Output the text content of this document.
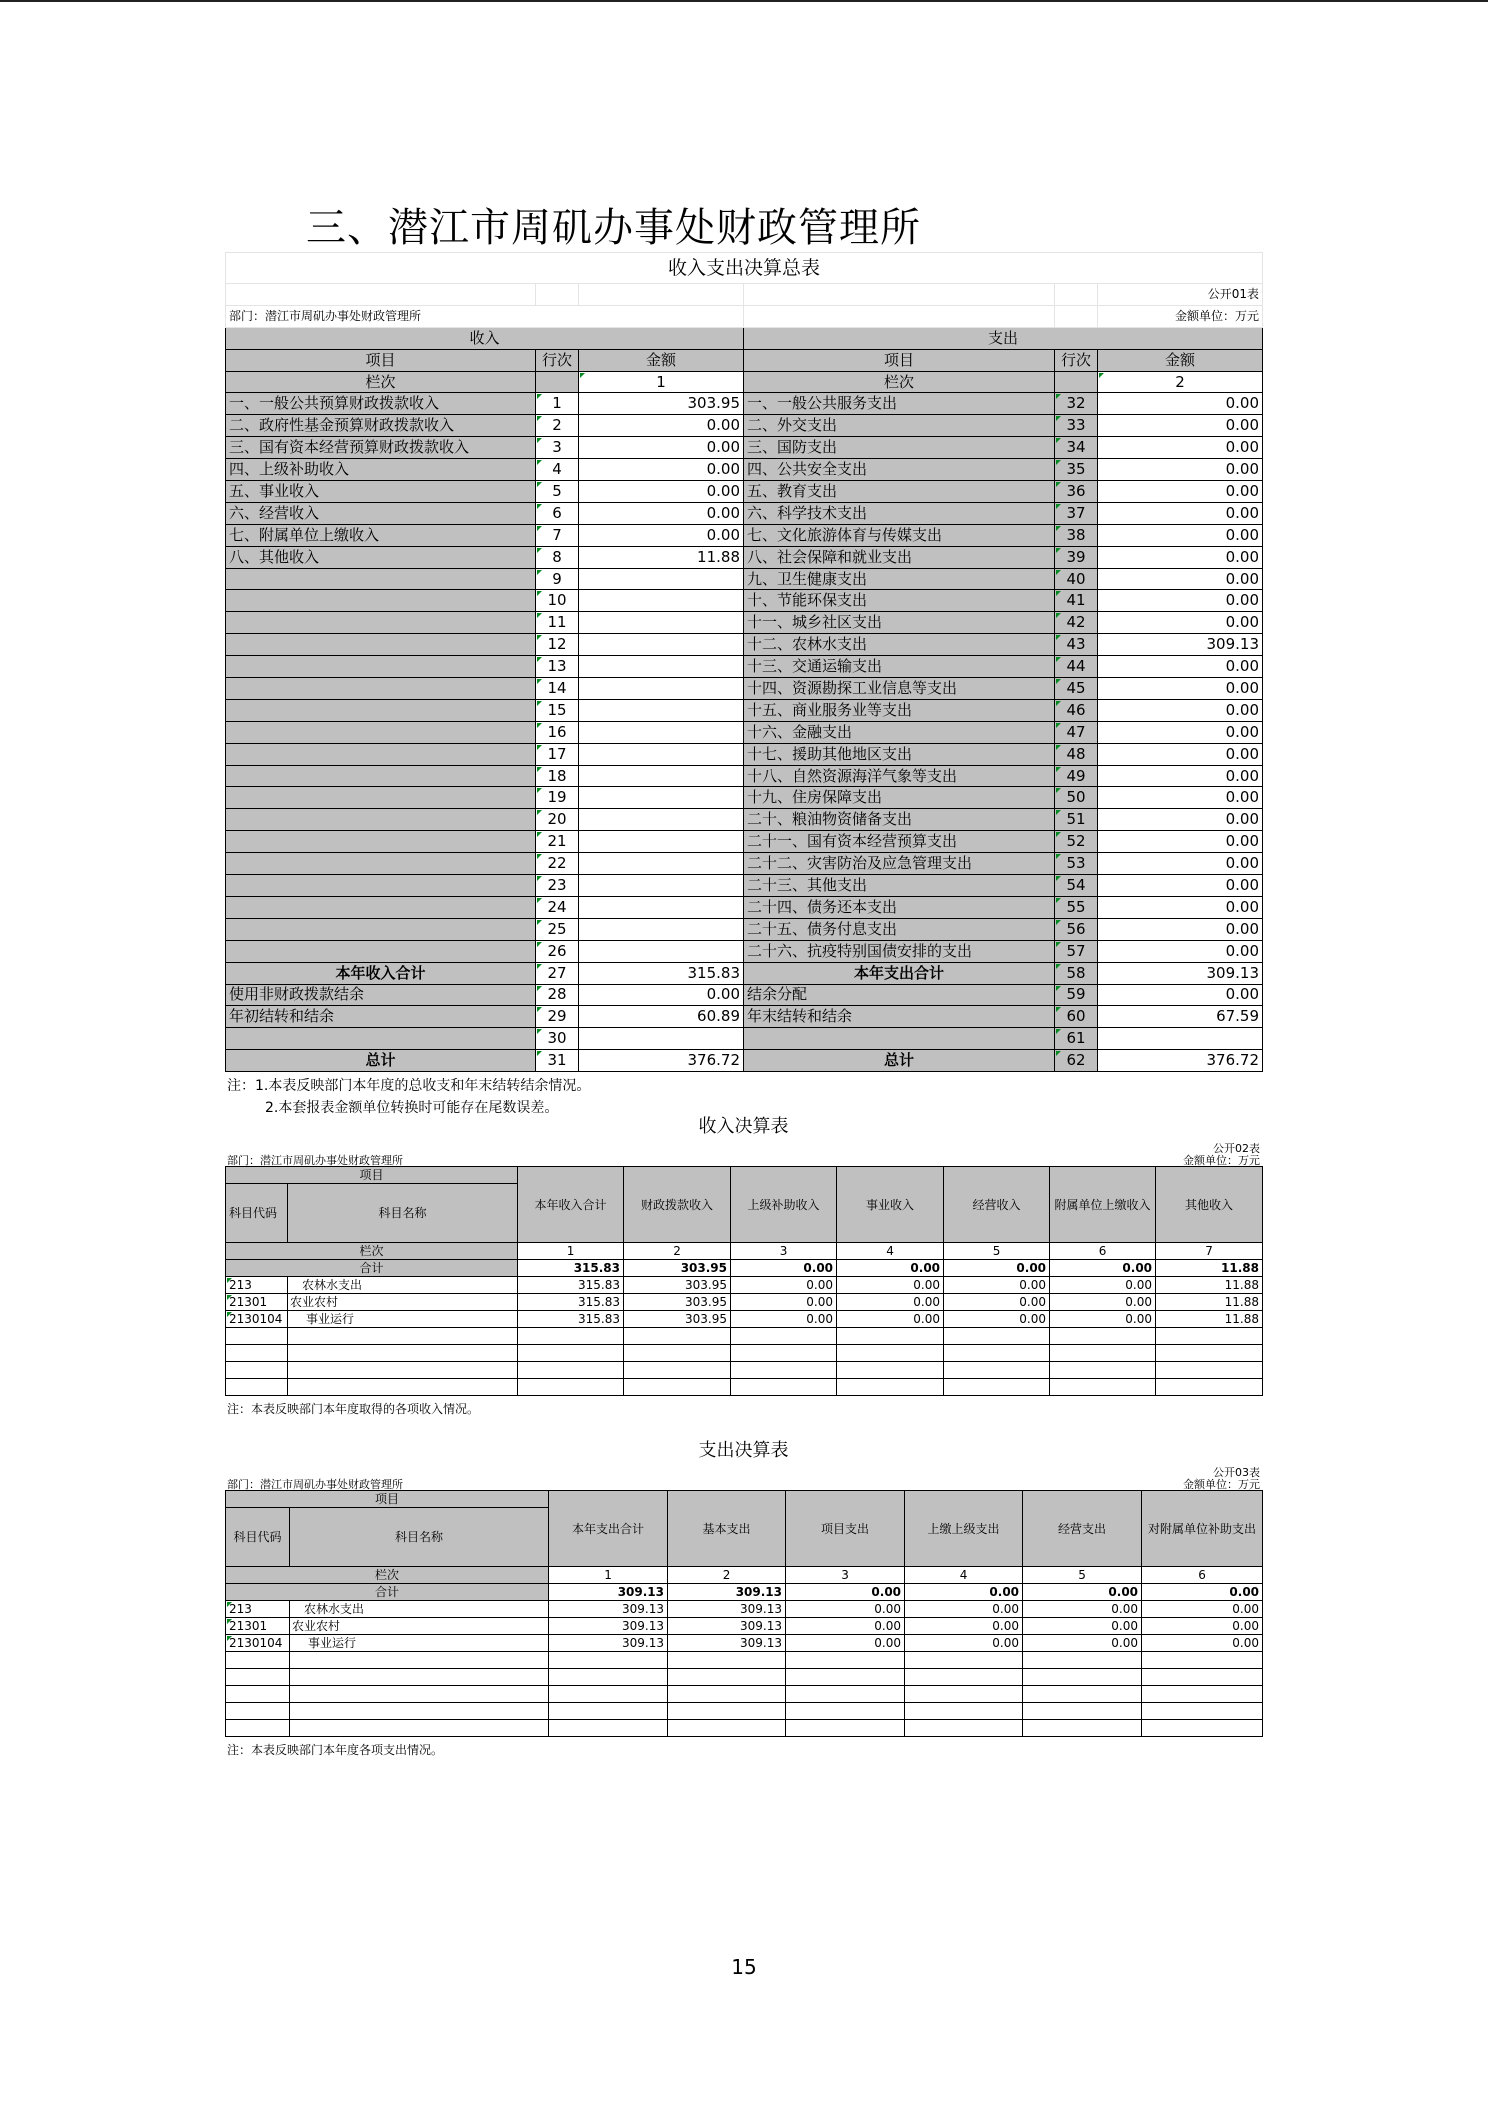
三、潜江市周矶办事处财政管理所
收入支出决算总表					
					公开01表
部门：潜江市周矶办事处财政管理所					金额单位：万元
收入			支出		
项目	行次	金额	项目	行次	金额
栏次		1	栏次		2
一、一般公共预算财政拨款收入	1	303.95	一、一般公共服务支出	32	0.00
二、政府性基金预算财政拨款收入	2	0.00	二、外交支出	33	0.00
三、国有资本经营预算财政拨款收入	3	0.00	三、国防支出	34	0.00
四、上级补助收入	4	0.00	四、公共安全支出	35	0.00
五、事业收入	5	0.00	五、教育支出	36	0.00
六、经营收入	6	0.00	六、科学技术支出	37	0.00
七、附属单位上缴收入	7	0.00	七、文化旅游体育与传媒支出	38	0.00
八、其他收入	8	11.88	八、社会保障和就业支出	39	0.00
	9		九、卫生健康支出	40	0.00
	10		十、节能环保支出	41	0.00
	11		十一、城乡社区支出	42	0.00
	12		十二、农林水支出	43	309.13
	13		十三、交通运输支出	44	0.00
	14		十四、资源勘探工业信息等支出	45	0.00
	15		十五、商业服务业等支出	46	0.00
	16		十六、金融支出	47	0.00
	17		十七、援助其他地区支出	48	0.00
	18		十八、自然资源海洋气象等支出	49	0.00
	19		十九、住房保障支出	50	0.00
	20		二十、粮油物资储备支出	51	0.00
	21		二十一、国有资本经营预算支出	52	0.00
	22		二十二、灾害防治及应急管理支出	53	0.00
	23		二十三、其他支出	54	0.00
	24		二十四、债务还本支出	55	0.00
	25		二十五、债务付息支出	56	0.00
	26		二十六、抗疫特别国债安排的支出	57	0.00
本年收入合计	27	315.83	本年支出合计	58	309.13
使用非财政拨款结余	28	0.00	结余分配	59	0.00
年初结转和结余	29	60.89	年末结转和结余	60	67.59
	30			61	
总计	31	376.72	总计	62	376.72
注：1.本表反映部门本年度的总收支和年末结转结余情况。
2.本套报表金额单位转换时可能存在尾数误差。
收入决算表
公开02表
部门：潜江市周矶办事处财政管理所	金额单位：万元
项目		本年收入合计	财政拨款收入	上级补助收入	事业收入	经营收入	附属单位上缴收入	其他收入
科目代码	科目名称							
栏次		1	2	3	4	5	6	7
合计		315.83	303.95	0.00	0.00	0.00	0.00	11.88
213	农林水支出	315.83	303.95	0.00	0.00	0.00	0.00	11.88
21301	农业农村	315.83	303.95	0.00	0.00	0.00	0.00	11.88
2130104	事业运行	315.83	303.95	0.00	0.00	0.00	0.00	11.88

注：本表反映部门本年度取得的各项收入情况。
支出决算表
公开03表
部门：潜江市周矶办事处财政管理所	金额单位：万元
项目		本年支出合计	基本支出	项目支出	上缴上级支出	经营支出	对附属单位补助支出
科目代码	科目名称						
栏次		1	2	3	4	5	6
合计		309.13	309.13	0.00	0.00	0.00	0.00
213	农林水支出	309.13	309.13	0.00	0.00	0.00	0.00
21301	农业农村	309.13	309.13	0.00	0.00	0.00	0.00
2130104	事业运行	309.13	309.13	0.00	0.00	0.00	0.00

注：本表反映部门本年度各项支出情况。
15
